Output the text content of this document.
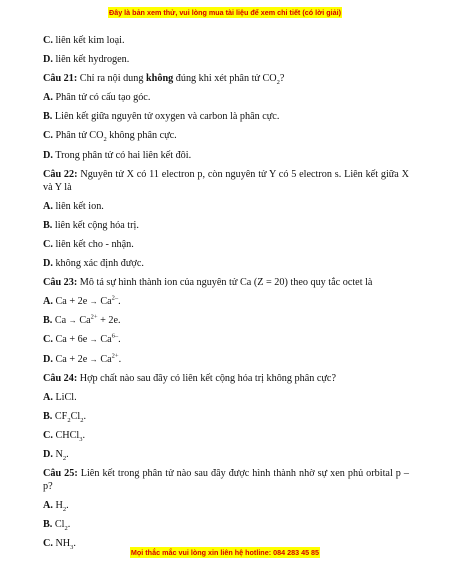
Đây là bản xem thử, vui lòng mua tài liệu để xem chi tiết (có lời giải)
C. liên kết kim loại.
D. liên kết hydrogen.
Câu 21: Chỉ ra nội dung không đúng khi xét phân tử $CO_2$?
A. Phân tử có cấu tạo góc.
B. Liên kết giữa nguyên tử oxygen và carbon là phân cực.
C. Phân tử $CO_2$ không phân cực.
D. Trong phân tử có hai liên kết đôi.
Câu 22: Nguyên tử X có 11 electron p, còn nguyên tử Y có 5 electron s. Liên kết giữa X và Y là
A. liên kết ion.
B. liên kết cộng hóa trị.
C. liên kết cho - nhận.
D. không xác định được.
Câu 23: Mô tả sự hình thành ion của nguyên tử Ca (Z = 20) theo quy tắc octet là
A. $Ca + 2e \to Ca^{2-}$.
B. $Ca \to Ca^{2+} + 2e$.
C. $Ca + 6e \to Ca^{6-}$.
D. $Ca + 2e \to Ca^{2+}$.
Câu 24: Hợp chất nào sau đây có liên kết cộng hóa trị không phân cực?
A. LiCl.
B. $CF_2Cl_2$.
C. CHCl$_3$.
D. $N_2$.
Câu 25: Liên kết trong phân tử nào sau đây được hình thành nhờ sự xen phủ orbital p – p?
A. $H_2$.
B. $Cl_2$.
C. $NH_3$.
Mọi thắc mắc vui lòng xin liên hệ hotline: 084 283 45 85
